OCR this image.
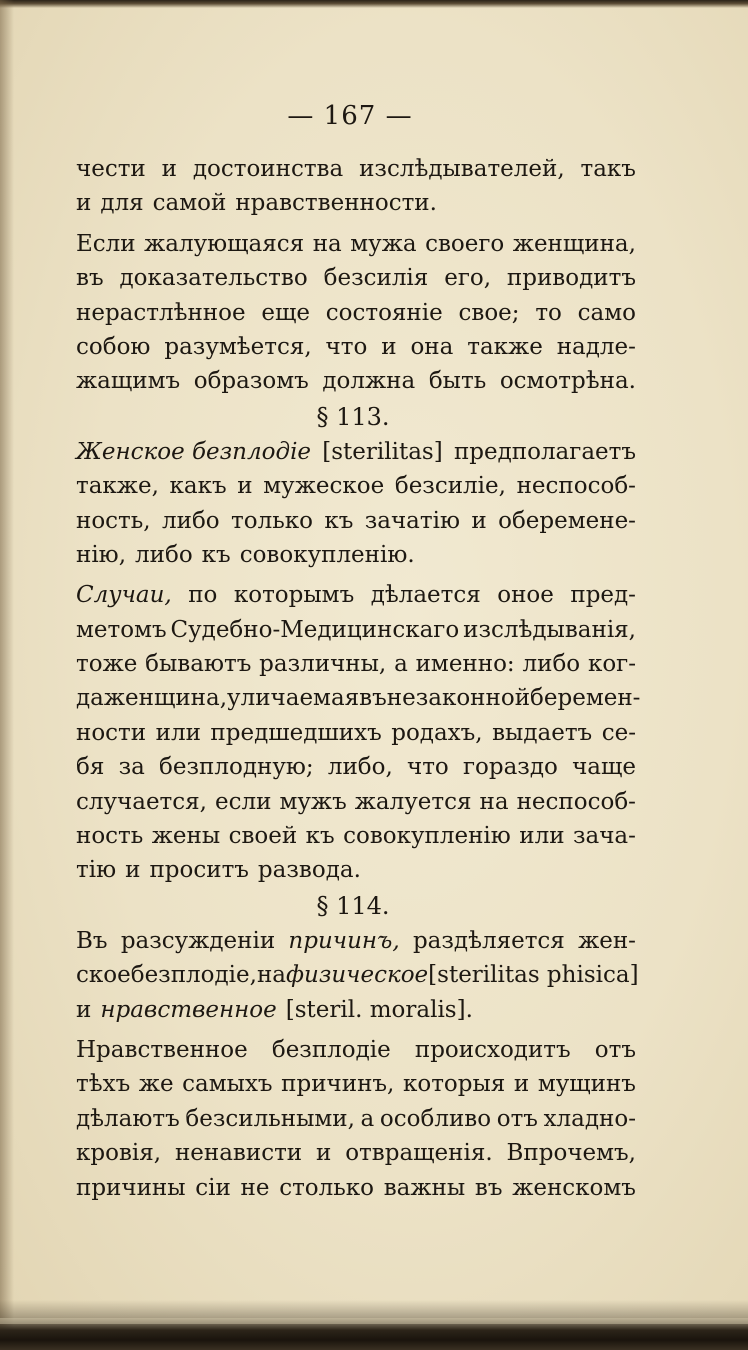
— 167 —
чести и достоинства изслѣдывателей, такъ
и для самой нравственности.
Если жалующаяся на мужа своего женщина,
въ доказательство безсилія его, приводитъ
нерастлѣнное еще состояніе свое; то само
собою разумѣется, что и она также надле-
жащимъ образомъ должна быть осмотрѣна.
§ 113.
Женское безплодіе [sterilitas] предполагаетъ
также, какъ и мужеское безсиліе, неспособ-
ность, либо только къ зачатію и обеременe-
нію, либо къ совокупленію.
Случаи, по которымъ дѣлается оное пред-
метомъ Судебно-Медицинскаго изслѣдыванія,
тоже бываютъ различны, а именно: либо ког-
да женщина, уличаемая въ незаконной беремен-
ности или предшедшихъ родахъ, выдаетъ се-
бя за безплодную; либо, что гораздо чаще
случается, если мужъ жалуется на неспособ-
ность жены своей къ совокупленію или зача-
тію и проситъ развода.
§ 114.
Въ разсужденіи причинъ, раздѣляется жен-
ское безплодіе, на физическое [sterilitas phisica]
и нравственное [steril. moralis].
Нравственное безплодіе происходитъ отъ
тѣхъ же самыхъ причинъ, которыя и мущинъ
дѣлаютъ безсильными, а особливо отъ хладно-
кровія, ненависти и отвращенія. Впрочемъ,
причины сіи не столько важны въ женскомъ
